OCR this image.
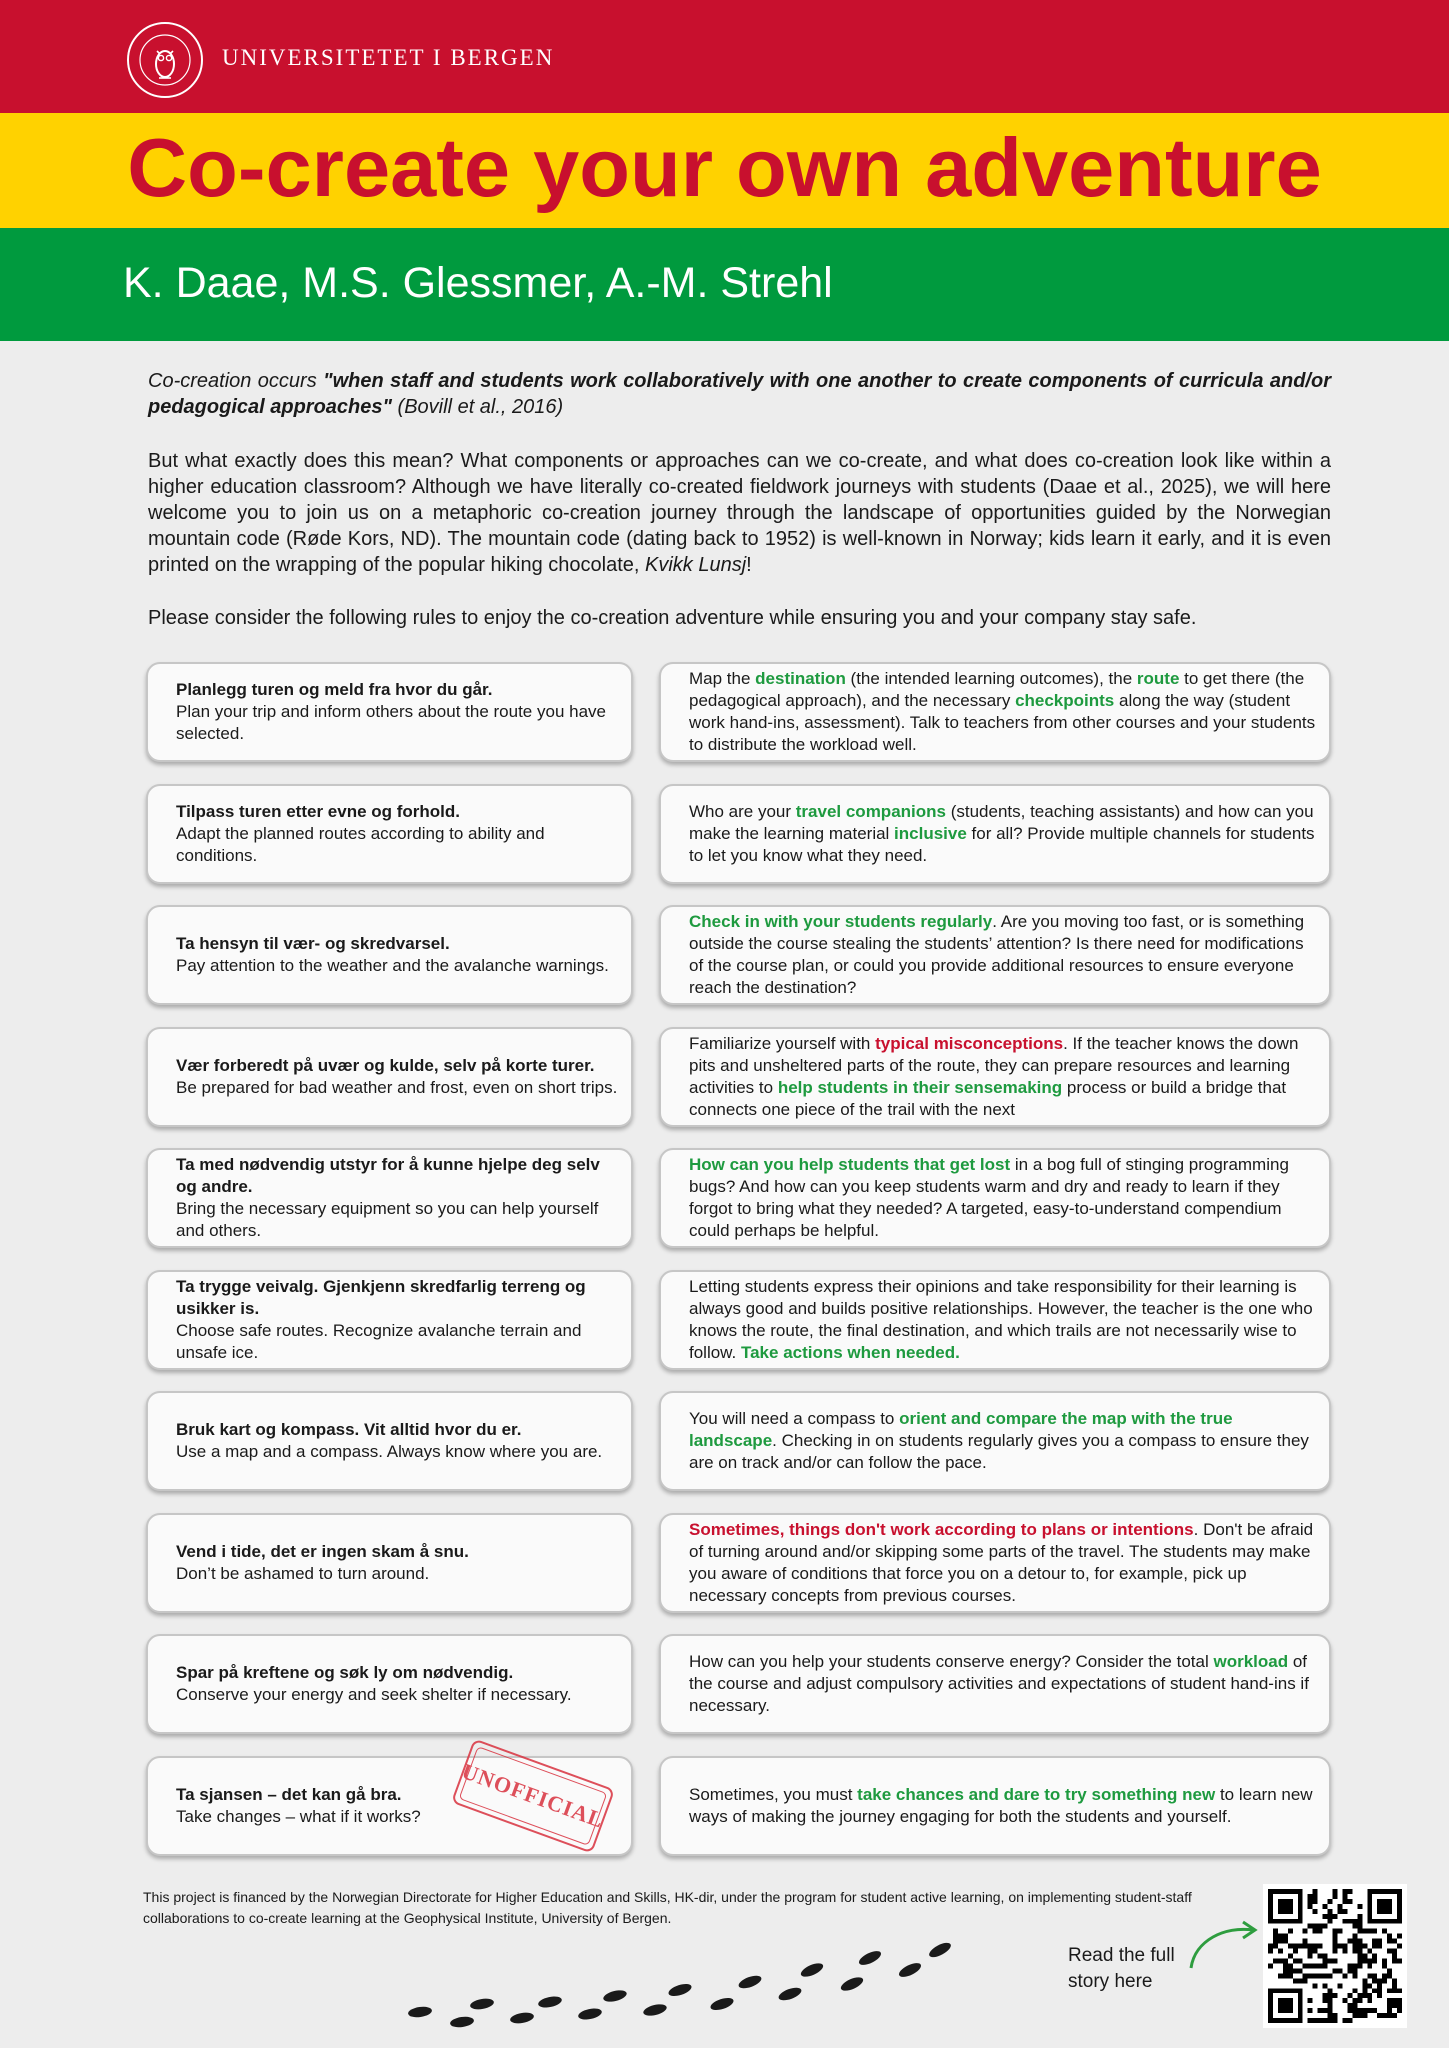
UNIVERSITETET I BERGEN
Co-create your own adventure
K. Daae, M.S. Glessmer, A.-M. Strehl

Co-creation occurs "when staff and students work collaboratively with one another to create components of curricula and/or pedagogical approaches" (Bovill et al., 2016)

But what exactly does this mean? What components or approaches can we co-create, and what does co-creation look like within a higher education classroom? Although we have literally co-created fieldwork journeys with students (Daae et al., 2025), we will here welcome you to join us on a metaphoric co-creation journey through the landscape of opportunities guided by the Norwegian mountain code (Røde Kors, ND). The mountain code (dating back to 1952) is well-known in Norway; kids learn it early, and it is even printed on the wrapping of the popular hiking chocolate, Kvikk Lunsj!

Please consider the following rules to enjoy the co-creation adventure while ensuring you and your company stay safe.

Planlegg turen og meld fra hvor du går.
Plan your trip and inform others about the route you have selected.
Map the destination (the intended learning outcomes), the route to get there (the pedagogical approach), and the necessary checkpoints along the way (student work hand-ins, assessment). Talk to teachers from other courses and your students to distribute the workload well.
Tilpass turen etter evne og forhold.
Adapt the planned routes according to ability and conditions.
Who are your travel companions (students, teaching assistants) and how can you make the learning material inclusive for all? Provide multiple channels for students to let you know what they need.
Ta hensyn til vær- og skredvarsel.
Pay attention to the weather and the avalanche warnings.
Check in with your students regularly. Are you moving too fast, or is something outside the course stealing the students’ attention? Is there need for modifications of the course plan, or could you provide additional resources to ensure everyone reach the destination?
Vær forberedt på uvær og kulde, selv på korte turer.
Be prepared for bad weather and frost, even on short trips.
Familiarize yourself with typical misconceptions. If the teacher knows the down pits and unsheltered parts of the route, they can prepare resources and learning activities to help students in their sensemaking process or build a bridge that connects one piece of the trail with the next
Ta med nødvendig utstyr for å kunne hjelpe deg selv og andre.
Bring the necessary equipment so you can help yourself and others.
How can you help students that get lost in a bog full of stinging programming bugs? And how can you keep students warm and dry and ready to learn if they forgot to bring what they needed? A targeted, easy-to-understand compendium could perhaps be helpful.
Ta trygge veivalg. Gjenkjenn skredfarlig terreng og usikker is.
Choose safe routes. Recognize avalanche terrain and unsafe ice.
Letting students express their opinions and take responsibility for their learning is always good and builds positive relationships. However, the teacher is the one who knows the route, the final destination, and which trails are not necessarily wise to follow. Take actions when needed.
Bruk kart og kompass. Vit alltid hvor du er.
Use a map and a compass. Always know where you are.
You will need a compass to orient and compare the map with the true landscape. Checking in on students regularly gives you a compass to ensure they are on track and/or can follow the pace.
Vend i tide, det er ingen skam å snu.
Don’t be ashamed to turn around.
Sometimes, things don't work according to plans or intentions. Don't be afraid of turning around and/or skipping some parts of the travel. The students may make you aware of conditions that force you on a detour to, for example, pick up necessary concepts from previous courses.
Spar på kreftene og søk ly om nødvendig.
Conserve your energy and seek shelter if necessary.
How can you help your students conserve energy? Consider the total workload of the course and adjust compulsory activities and expectations of student hand-ins if necessary.
Ta sjansen – det kan gå bra.
Take changes – what if it works?
Sometimes, you must take chances and dare to try something new to learn new ways of making the journey engaging for both the students and yourself.
UNOFFICIAL

This project is financed by the Norwegian Directorate for Higher Education and Skills, HK-dir, under the program for student active learning, on implementing student-staff collaborations to co-create learning at the Geophysical Institute, University of Bergen.

Read the full story here
